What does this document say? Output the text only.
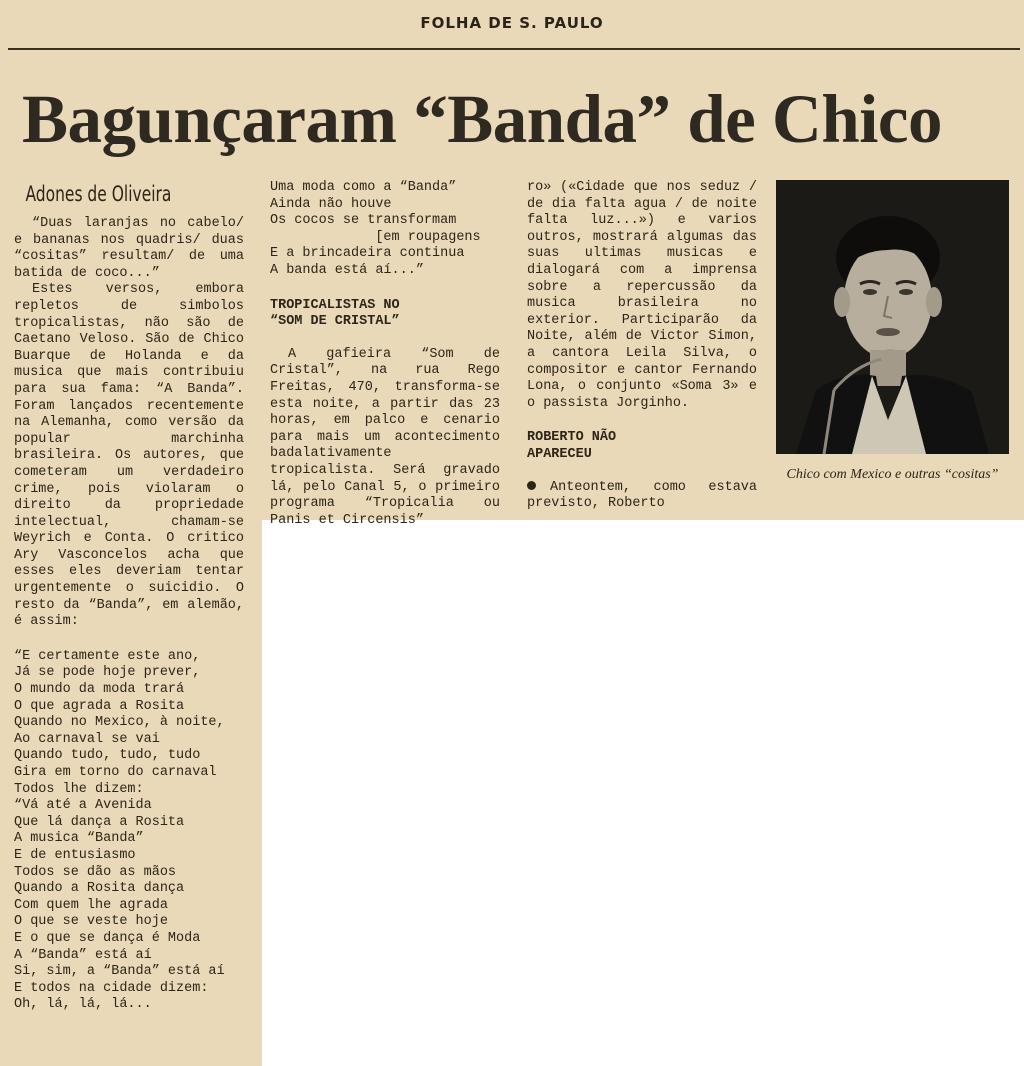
FOLHA DE S. PAULO
Bagunçaram “Banda” de Chico
Adones de Oliveira

“Duas laranjas no cabelo/ e bananas nos quadris/ duas “cositas” resultam/ de uma batida de coco...”

Estes versos, embora repletos de simbolos tropicalistas, não são de Caetano Veloso. São de Chico Buarque de Holanda e da musica que mais contribuiu para sua fama: “A Banda”. Foram lançados recentemente na Alemanha, como versão da popular marchinha brasileira. Os autores, que cometeram um verdadeiro crime, pois violaram o direito da propriedade intelectual, chamam-se Weyrich e Conta. O critico Ary Vasconcelos acha que esses eles deveriam tentar urgentemente o suicidio. O resto da “Banda”, em alemão, é assim:

“E certamente este ano,
Já se pode hoje prever,
O mundo da moda trará
O que agrada a Rosita
Quando no Mexico, à noite,
Ao carnaval se vai
Quando tudo, tudo, tudo
Gira em torno do carnaval
Todos lhe dizem:
“Vá até a Avenida
Que lá dança a Rosita
A musica “Banda”
E de entusiasmo
Todos se dão as mãos
Quando a Rosita dança
Com quem lhe agrada
O que se veste hoje
E o que se dança é Moda
A “Banda” está aí
Si, sim, a “Banda” está aí
E todos na cidade dizem:
Oh, lá, lá, lá...

Uma moda como a “Banda”
Ainda não houve
Os cocos se transformam
[em roupagens
E a brincadeira continua
A banda está aí...”

TROPICALISTAS NO
“SOM DE CRISTAL”

A gafieira “Som de Cristal”, na rua Rego Freitas, 470, transforma-se esta noite, a partir das 23 horas, em palco e cenario para mais um acontecimento badalativamente tropicalista. Será gravado lá, pelo Canal 5, o primeiro programa “Tropicalia ou Panis et Circensis”

ro» («Cidade que nos seduz / de dia falta agua / de noite falta luz...») e varios outros, mostrará algumas das suas ultimas musicas e dialogará com a imprensa sobre a repercussão da musica brasileira no exterior. Participarão da Noite, além de Victor Simon, a cantora Leila Silva, o compositor e cantor Fernando Lona, o conjunto «Soma 3» e o passista Jorginho.

ROBERTO NÃO
APARECEU

Anteontem, como estava previsto, Roberto

Chico com Mexico e outras “cositas”
